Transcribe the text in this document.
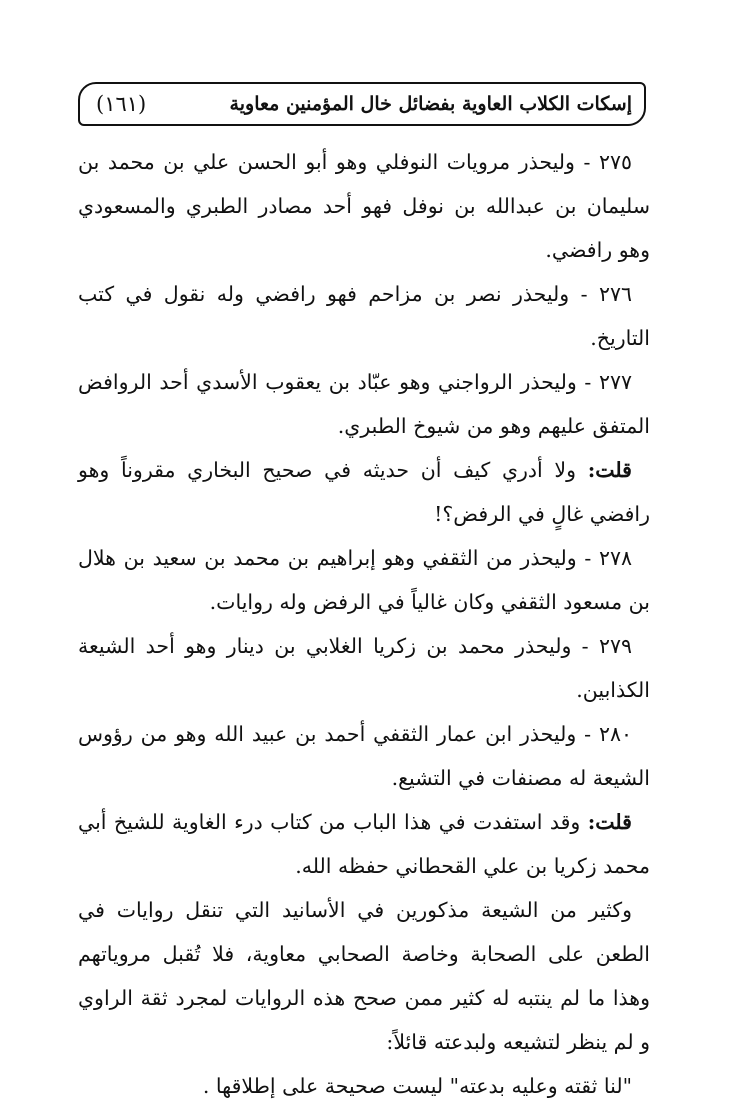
إسكات الكلاب العاوية بفضائل خال المؤمنين معاوية
(١٦١)

٢٧٥ - وليحذر مرويات النوفلي وهو أبو الحسن علي بن محمد بن سليمان بن عبدالله بن نوفل فهو أحد مصادر الطبري والمسعودي وهو رافضي.

٢٧٦ - وليحذر نصر بن مزاحم فهو رافضي وله نقول في كتب التاريخ.

٢٧٧ - وليحذر الرواجني وهو عبّاد بن يعقوب الأسدي أحد الروافض المتفق عليهم وهو من شيوخ الطبري.

قلت: ولا أدري كيف أن حديثه في صحيح البخاري مقروناً وهو رافضي غالٍ في الرفض؟!

٢٧٨ - وليحذر من الثقفي وهو إبراهيم بن محمد بن سعيد بن هلال بن مسعود الثقفي وكان غالياً في الرفض وله روايات.

٢٧٩ - وليحذر محمد بن زكريا الغلابي بن دينار وهو أحد الشيعة الكذابين.

٢٨٠ - وليحذر ابن عمار الثقفي أحمد بن عبيد الله وهو من رؤوس الشيعة له مصنفات في التشيع.

قلت: وقد استفدت في هذا الباب من كتاب درء الغاوية للشيخ أبي محمد زكريا بن علي القحطاني حفظه الله.

وكثير من الشيعة مذكورين في الأسانيد التي تنقل روايات في الطعن على الصحابة وخاصة الصحابي معاوية، فلا تُقبل مروياتهم وهذا ما لم ينتبه له كثير ممن صحح هذه الروايات لمجرد ثقة الراوي و لم ينظر لتشيعه ولبدعته قائلاً:

"لنا ثقته وعليه بدعته" ليست صحيحة على إطلاقها .
